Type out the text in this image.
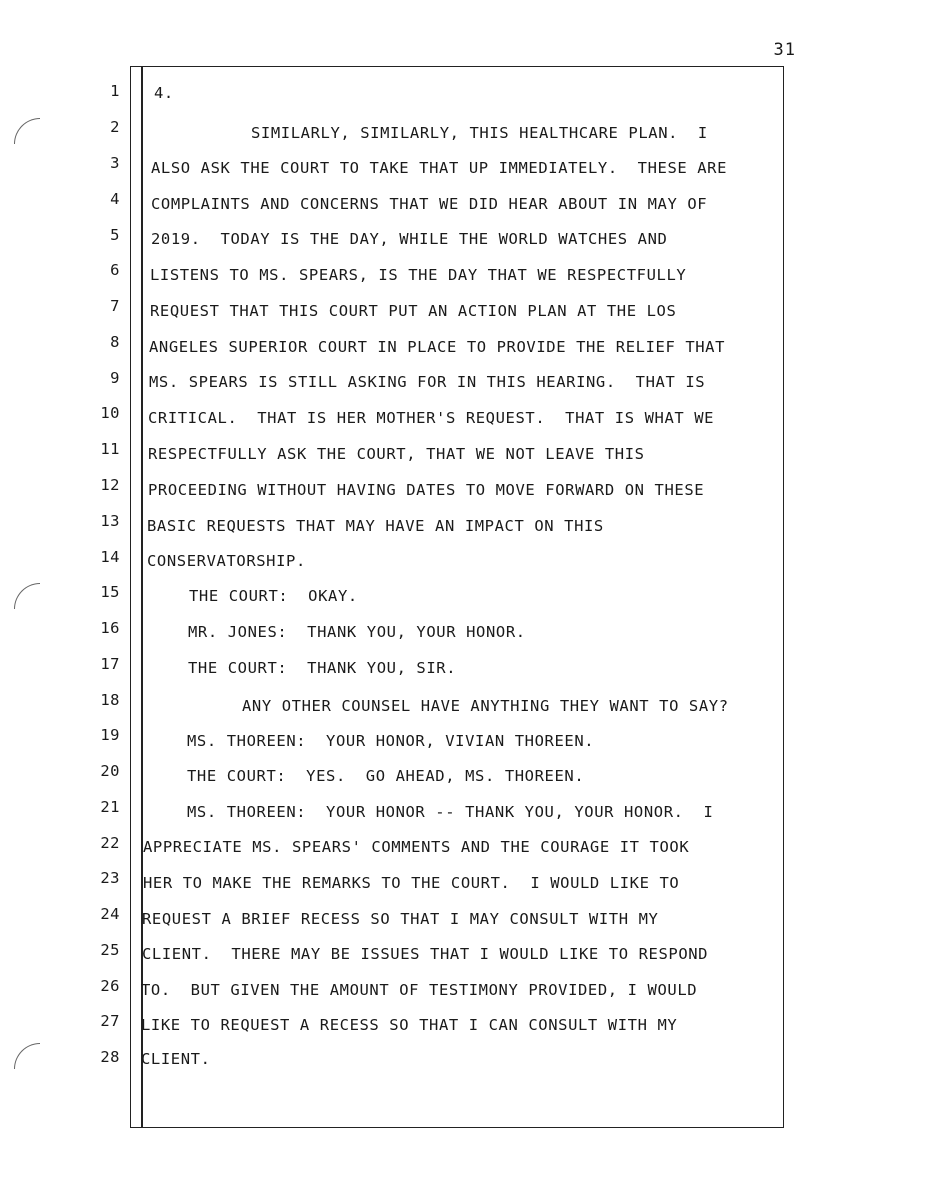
31
1
2
3
4
5
6
7
8
9
10
11
12
13
14
15
16
17
18
19
20
21
22
23
24
25
26
27
28
4.
SIMILARLY, SIMILARLY, THIS HEALTHCARE PLAN.  I
ALSO ASK THE COURT TO TAKE THAT UP IMMEDIATELY.  THESE ARE
COMPLAINTS AND CONCERNS THAT WE DID HEAR ABOUT IN MAY OF
2019.  TODAY IS THE DAY, WHILE THE WORLD WATCHES AND
LISTENS TO MS. SPEARS, IS THE DAY THAT WE RESPECTFULLY
REQUEST THAT THIS COURT PUT AN ACTION PLAN AT THE LOS
ANGELES SUPERIOR COURT IN PLACE TO PROVIDE THE RELIEF THAT
MS. SPEARS IS STILL ASKING FOR IN THIS HEARING.  THAT IS
CRITICAL.  THAT IS HER MOTHER'S REQUEST.  THAT IS WHAT WE
RESPECTFULLY ASK THE COURT, THAT WE NOT LEAVE THIS
PROCEEDING WITHOUT HAVING DATES TO MOVE FORWARD ON THESE
BASIC REQUESTS THAT MAY HAVE AN IMPACT ON THIS
CONSERVATORSHIP.
THE COURT:  OKAY.
MR. JONES:  THANK YOU, YOUR HONOR.
THE COURT:  THANK YOU, SIR.
ANY OTHER COUNSEL HAVE ANYTHING THEY WANT TO SAY?
MS. THOREEN:  YOUR HONOR, VIVIAN THOREEN.
THE COURT:  YES.  GO AHEAD, MS. THOREEN.
MS. THOREEN:  YOUR HONOR -- THANK YOU, YOUR HONOR.  I
APPRECIATE MS. SPEARS' COMMENTS AND THE COURAGE IT TOOK
HER TO MAKE THE REMARKS TO THE COURT.  I WOULD LIKE TO
REQUEST A BRIEF RECESS SO THAT I MAY CONSULT WITH MY
CLIENT.  THERE MAY BE ISSUES THAT I WOULD LIKE TO RESPOND
TO.  BUT GIVEN THE AMOUNT OF TESTIMONY PROVIDED, I WOULD
LIKE TO REQUEST A RECESS SO THAT I CAN CONSULT WITH MY
CLIENT.
